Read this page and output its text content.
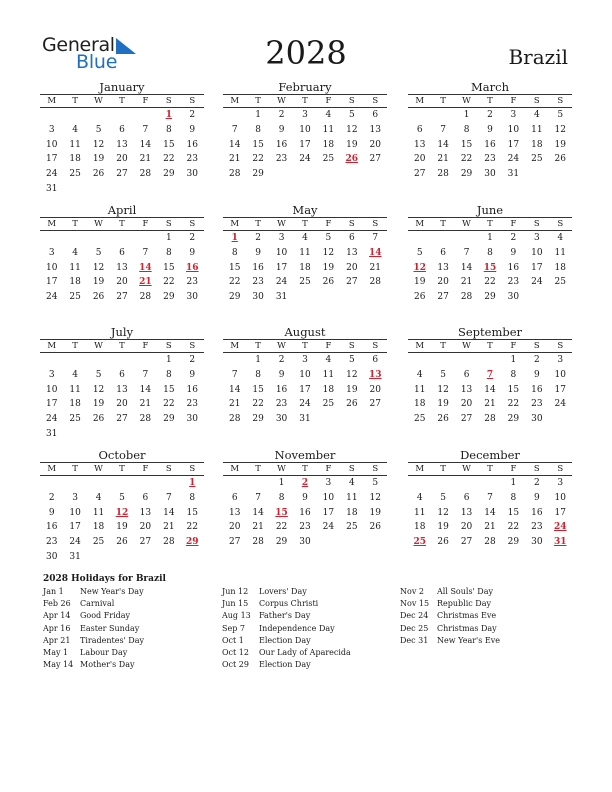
General
Blue	2028	Brazil
January
M	T	W	T	F	S	S
					1	2
3	4	5	6	7	8	9
10	11	12	13	14	15	16
17	18	19	20	21	22	23
24	25	26	27	28	29	30
31						
February
M	T	W	T	F	S	S
	1	2	3	4	5	6
7	8	9	10	11	12	13
14	15	16	17	18	19	20
21	22	23	24	25	26	27
28	29					
March
M	T	W	T	F	S	S
		1	2	3	4	5
6	7	8	9	10	11	12
13	14	15	16	17	18	19
20	21	22	23	24	25	26
27	28	29	30	31		
April
M	T	W	T	F	S	S
					1	2
3	4	5	6	7	8	9
10	11	12	13	14	15	16
17	18	19	20	21	22	23
24	25	26	27	28	29	30
May
M	T	W	T	F	S	S
1	2	3	4	5	6	7
8	9	10	11	12	13	14
15	16	17	18	19	20	21
22	23	24	25	26	27	28
29	30	31				
June
M	T	W	T	F	S	S
			1	2	3	4
5	6	7	8	9	10	11
12	13	14	15	16	17	18
19	20	21	22	23	24	25
26	27	28	29	30		
July
M	T	W	T	F	S	S
					1	2
3	4	5	6	7	8	9
10	11	12	13	14	15	16
17	18	19	20	21	22	23
24	25	26	27	28	29	30
31						
August
M	T	W	T	F	S	S
	1	2	3	4	5	6
7	8	9	10	11	12	13
14	15	16	17	18	19	20
21	22	23	24	25	26	27
28	29	30	31			
September
M	T	W	T	F	S	S
				1	2	3
4	5	6	7	8	9	10
11	12	13	14	15	16	17
18	19	20	21	22	23	24
25	26	27	28	29	30	
October
M	T	W	T	F	S	S
						1
2	3	4	5	6	7	8
9	10	11	12	13	14	15
16	17	18	19	20	21	22
23	24	25	26	27	28	29
30	31					
November
M	T	W	T	F	S	S
		1	2	3	4	5
6	7	8	9	10	11	12
13	14	15	16	17	18	19
20	21	22	23	24	25	26
27	28	29	30			
December
M	T	W	T	F	S	S
				1	2	3
4	5	6	7	8	9	10
11	12	13	14	15	16	17
18	19	20	21	22	23	24
25	26	27	28	29	30	31
2028 Holidays for Brazil
Jan 1 New Year's Day
Feb 26 Carnival
Apr 14 Good Friday
Apr 16 Easter Sunday
Apr 21 Tiradentes' Day
May 1 Labour Day
May 14 Mother's Day
Jun 12 Lovers' Day
Jun 15 Corpus Christi
Aug 13 Father's Day
Sep 7 Independence Day
Oct 1 Election Day
Oct 12 Our Lady of Aparecida
Oct 29 Election Day
Nov 2 All Souls' Day
Nov 15 Republic Day
Dec 24 Christmas Eve
Dec 25 Christmas Day
Dec 31 New Year's Eve
